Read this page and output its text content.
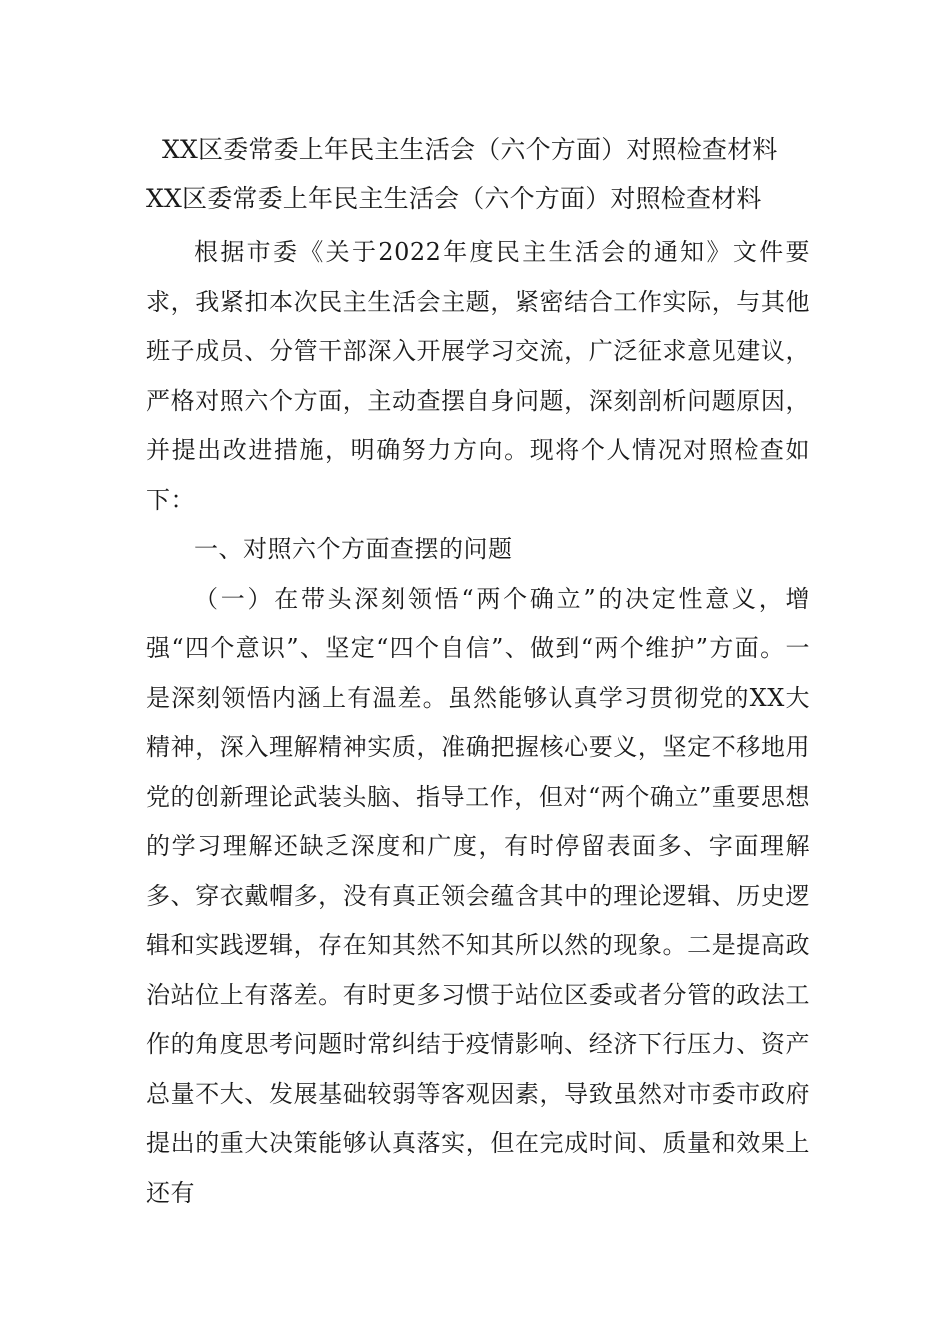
XX区委常委上年民主生活会（六个方面）对照检查材料
XX区委常委上年民主生活会（六个方面）对照检查材料

根据市委《关于2022年度民主生活会的通知》文件要求，我紧扣本次民主生活会主题，紧密结合工作实际，与其他班子成员、分管干部深入开展学习交流，广泛征求意见建议，严格对照六个方面，主动查摆自身问题，深刻剖析问题原因，并提出改进措施，明确努力方向。现将个人情况对照检查如下：

一、对照六个方面查摆的问题

（一）在带头深刻领悟“两个确立”的决定性意义，增强“四个意识”、坚定“四个自信”、做到“两个维护”方面。一是深刻领悟内涵上有温差。虽然能够认真学习贯彻党的XX大精神，深入理解精神实质，准确把握核心要义，坚定不移地用党的创新理论武装头脑、指导工作，但对“两个确立”重要思想的学习理解还缺乏深度和广度，有时停留表面多、字面理解多、穿衣戴帽多，没有真正领会蕴含其中的理论逻辑、历史逻辑和实践逻辑，存在知其然不知其所以然的现象。二是提高政治站位上有落差。有时更多习惯于站位区委或者分管的政法工作的角度思考问题时常纠结于疫情影响、经济下行压力、资产总量不大、发展基础较弱等客观因素，导致虽然对市委市政府提出的重大决策能够认真落实，但在完成时间、质量和效果上还有
